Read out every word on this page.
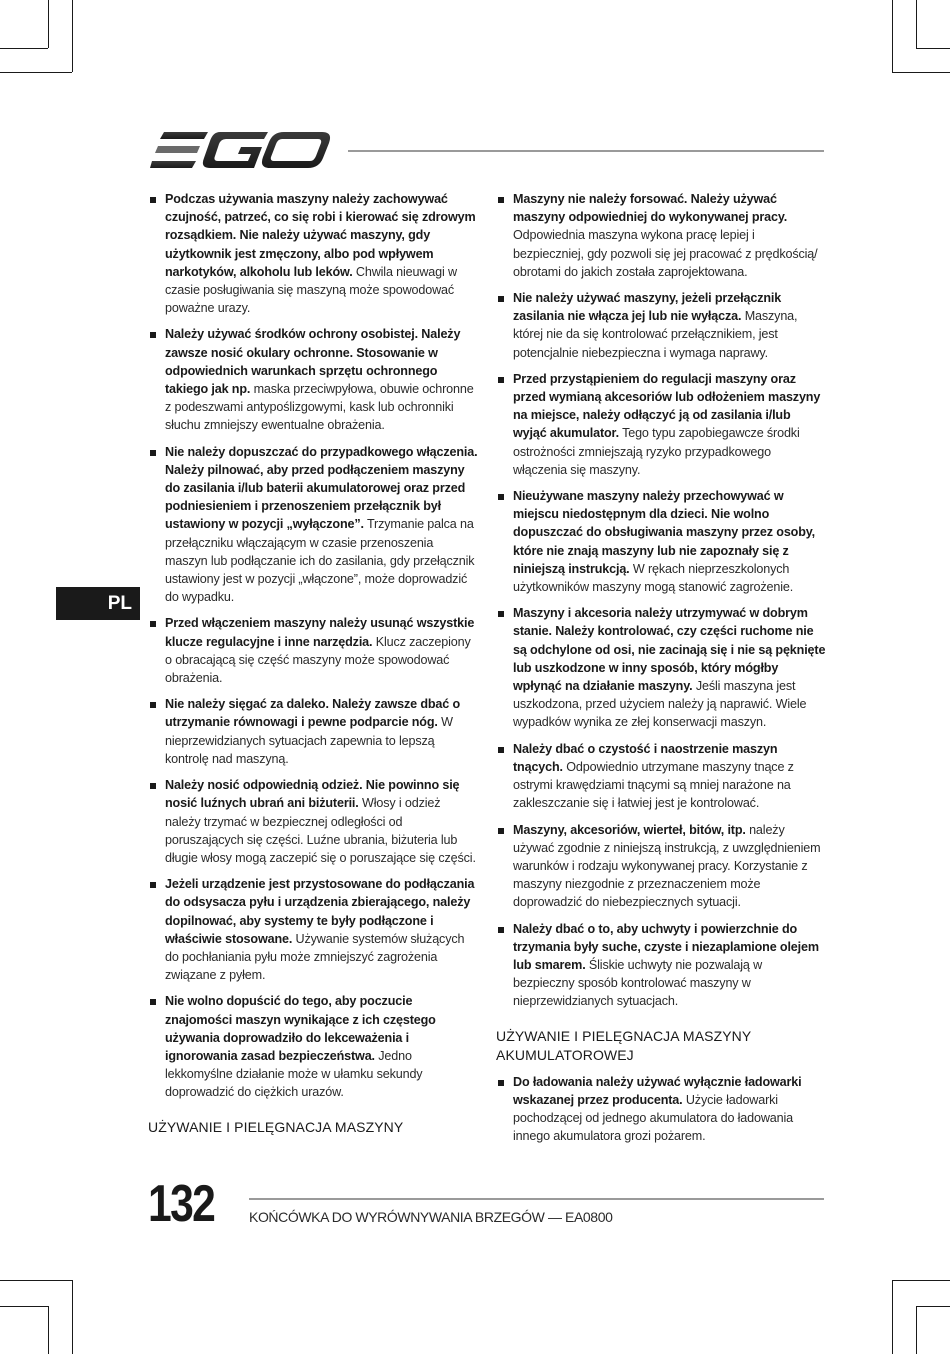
PL
Podczas używania maszyny należy zachowywać czujność, patrzeć, co się robi i kierować się zdrowym rozsądkiem. Nie należy używać maszyny, gdy użytkownik jest zmęczony, albo pod wpływem narkotyków, alkoholu lub leków. Chwila nieuwagi w czasie posługiwania się maszyną może spowodować poważne urazy.
Należy używać środków ochrony osobistej. Należy zawsze nosić okulary ochronne. Stosowanie w odpowiednich warunkach sprzętu ochronnego takiego jak np. maska przeciwpyłowa, obuwie ochronne z podeszwami antypoślizgowymi, kask lub ochronniki słuchu zmniejszy ewentualne obrażenia.
Nie należy dopuszczać do przypadkowego włączenia. Należy pilnować, aby przed podłączeniem maszyny do zasilania i/lub baterii akumulatorowej oraz przed podniesieniem i przenoszeniem przełącznik był ustawiony w pozycji „wyłączone”. Trzymanie palca na przełączniku włączającym w czasie przenoszenia maszyn lub podłączanie ich do zasilania, gdy przełącznik ustawiony jest w pozycji „włączone”, może doprowadzić do wypadku.
Przed włączeniem maszyny należy usunąć wszystkie klucze regulacyjne i inne narzędzia. Klucz zaczepiony o obracającą się część maszyny może spowodować obrażenia.
Nie należy sięgać za daleko. Należy zawsze dbać o utrzymanie równowagi i pewne podparcie nóg. W nieprzewidzianych sytuacjach zapewnia to lepszą kontrolę nad maszyną.
Należy nosić odpowiednią odzież. Nie powinno się nosić luźnych ubrań ani biżuterii. Włosy i odzież należy trzymać w bezpiecznej odległości od poruszających się części. Luźne ubrania, biżuteria lub długie włosy mogą zaczepić się o poruszające się części.
Jeżeli urządzenie jest przystosowane do podłączania do odsysacza pyłu i urządzenia zbierającego, należy dopilnować, aby systemy te były podłączone i właściwie stosowane. Używanie systemów służących do pochłaniania pyłu może zmniejszyć zagrożenia związane z pyłem.
Nie wolno dopuścić do tego, aby poczucie znajomości maszyn wynikające z ich częstego używania doprowadziło do lekceważenia i ignorowania zasad bezpieczeństwa. Jedno lekkomyślne działanie może w ułamku sekundy doprowadzić do ciężkich urazów.
UŻYWANIE I PIELĘGNACJA MASZYNY
Maszyny nie należy forsować. Należy używać maszyny odpowiedniej do wykonywanej pracy. Odpowiednia maszyna wykona pracę lepiej i bezpieczniej, gdy pozwoli się jej pracować z prędkością/ obrotami do jakich została zaprojektowana.
Nie należy używać maszyny, jeżeli przełącznik zasilania nie włącza jej lub nie wyłącza. Maszyna, której nie da się kontrolować przełącznikiem, jest potencjalnie niebezpieczna i wymaga naprawy.
Przed przystąpieniem do regulacji maszyny oraz przed wymianą akcesoriów lub odłożeniem maszyny na miejsce, należy odłączyć ją od zasilania i/lub wyjąć akumulator. Tego typu zapobiegawcze środki ostrożności zmniejszają ryzyko przypadkowego włączenia się maszyny.
Nieużywane maszyny należy przechowywać w miejscu niedostępnym dla dzieci. Nie wolno dopuszczać do obsługiwania maszyny przez osoby, które nie znają maszyny lub nie zapoznały się z niniejszą instrukcją. W rękach nieprzeszkolonych użytkowników maszyny mogą stanowić zagrożenie.
Maszyny i akcesoria należy utrzymywać w dobrym stanie. Należy kontrolować, czy części ruchome nie są odchylone od osi, nie zacinają się i nie są pęknięte lub uszkodzone w inny sposób, który mógłby wpłynąć na działanie maszyny. Jeśli maszyna jest uszkodzona, przed użyciem należy ją naprawić. Wiele wypadków wynika ze złej konserwacji maszyn.
Należy dbać o czystość i naostrzenie maszyn tnących. Odpowiednio utrzymane maszyny tnące z ostrymi krawędziami tnącymi są mniej narażone na zakleszczanie się i łatwiej jest je kontrolować.
Maszyny, akcesoriów, wierteł, bitów, itp. należy używać zgodnie z niniejszą instrukcją, z uwzględnieniem warunków i rodzaju wykonywanej pracy. Korzystanie z maszyny niezgodnie z przeznaczeniem może doprowadzić do niebezpiecznych sytuacji.
Należy dbać o to, aby uchwyty i powierzchnie do trzymania były suche, czyste i niezaplamione olejem lub smarem. Śliskie uchwyty nie pozwalają w bezpieczny sposób kontrolować maszyny w nieprzewidzianych sytuacjach.
UŻYWANIE I PIELĘGNACJA MASZYNY AKUMULATOROWEJ
Do ładowania należy używać wyłącznie ładowarki wskazanej przez producenta. Użycie ładowarki pochodzącej od jednego akumulatora do ładowania innego akumulatora grozi pożarem.
132 KOŃCÓWKA DO WYRÓWNYWANIA BRZEGÓW — EA0800
